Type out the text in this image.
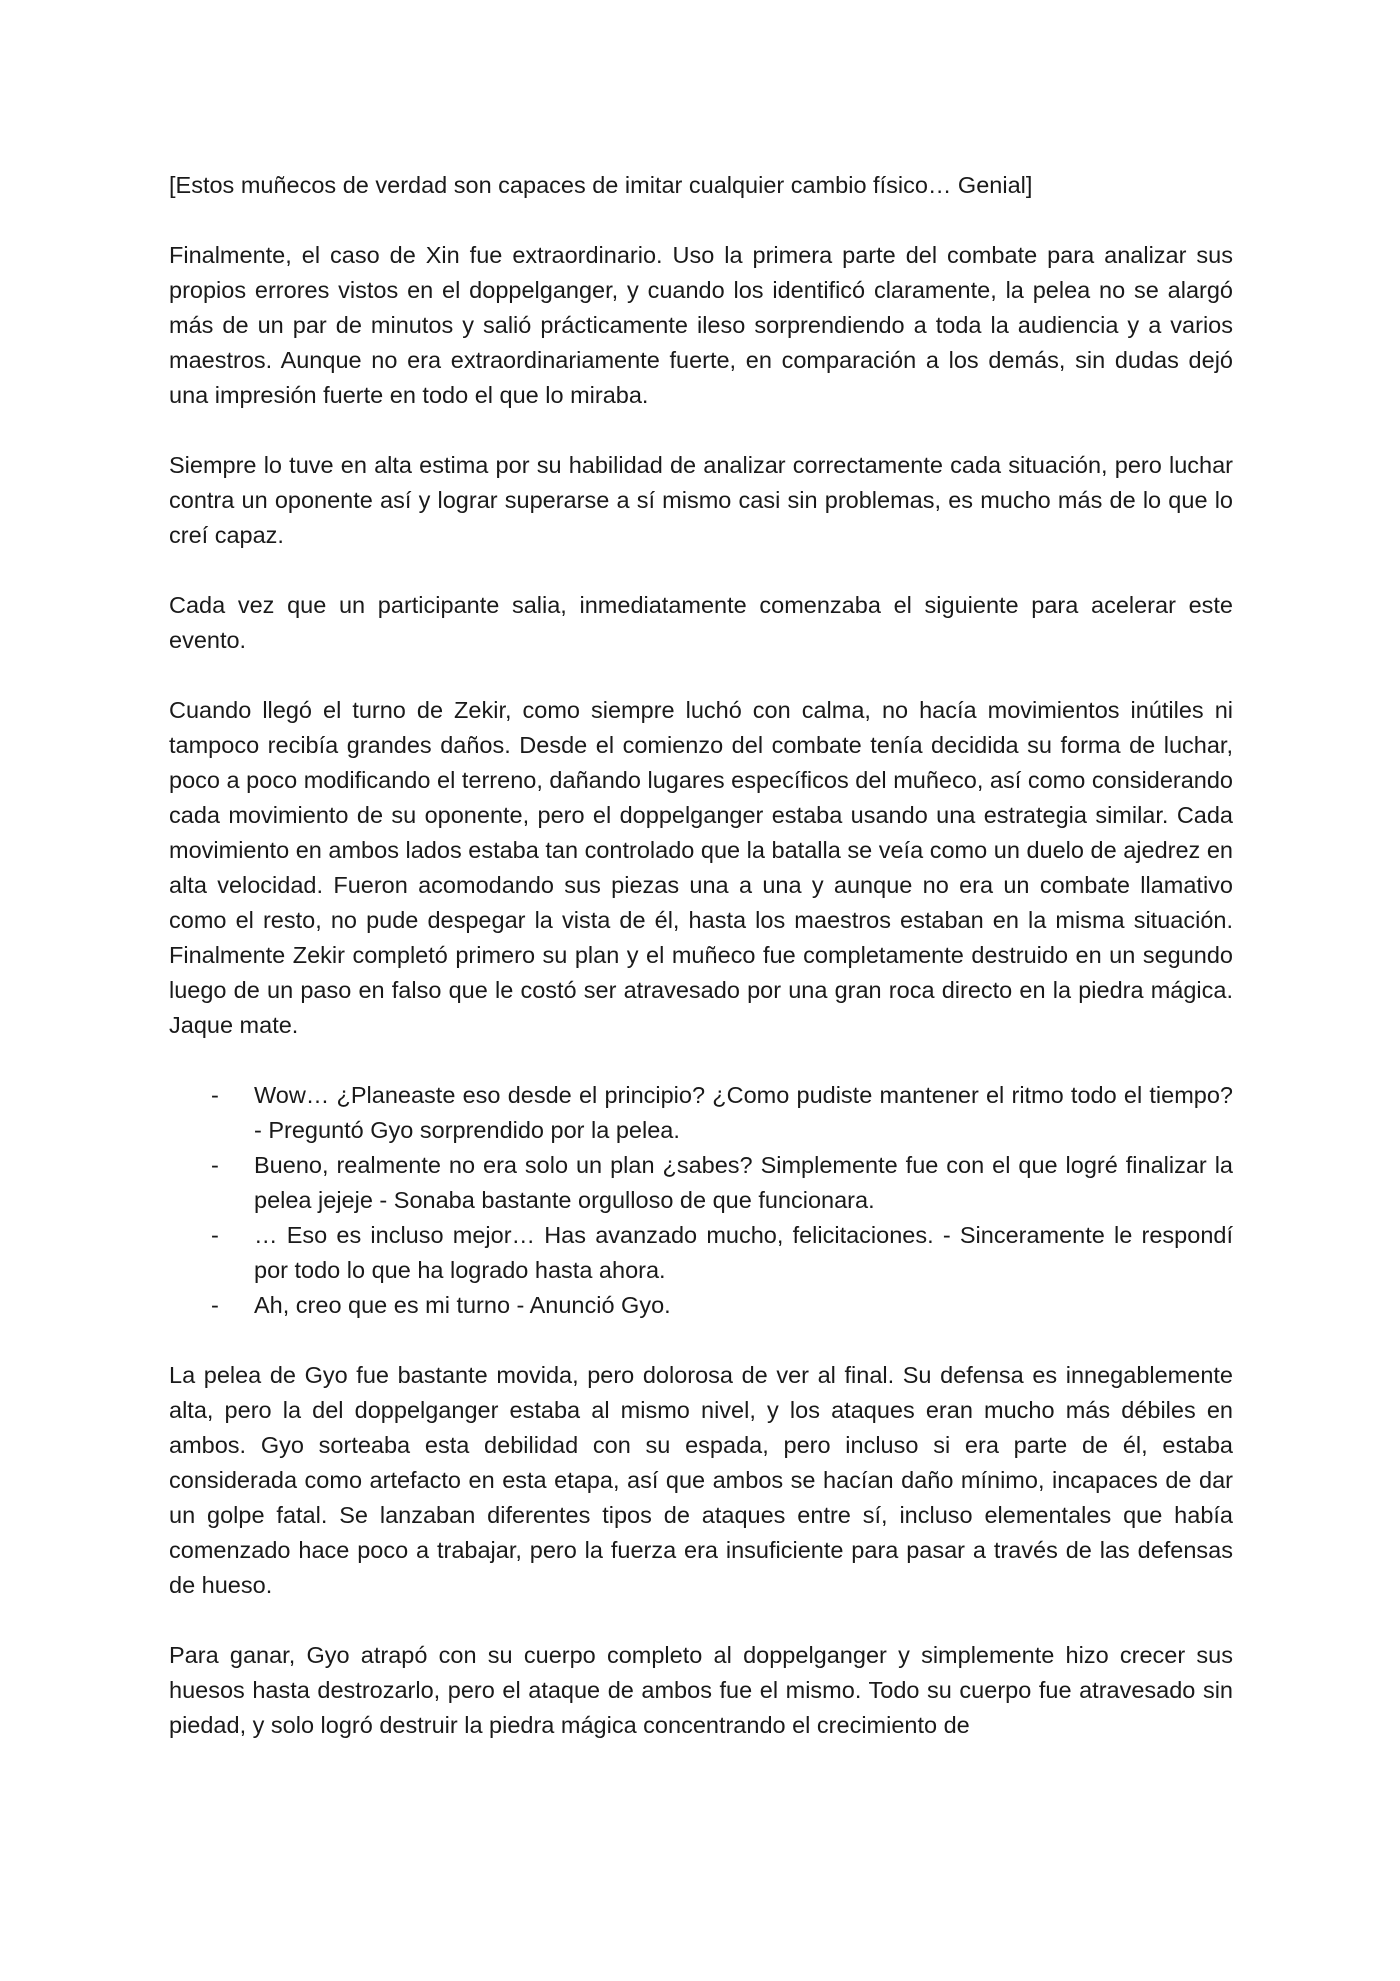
[Estos muñecos de verdad son capaces de imitar cualquier cambio físico… Genial]

Finalmente, el caso de Xin fue extraordinario. Uso la primera parte del combate para analizar sus propios errores vistos en el doppelganger, y cuando los identificó claramente, la pelea no se alargó más de un par de minutos y salió prácticamente ileso sorprendiendo a toda la audiencia y a varios maestros. Aunque no era extraordinariamente fuerte, en comparación a los demás, sin dudas dejó una impresión fuerte en todo el que lo miraba.

Siempre lo tuve en alta estima por su habilidad de analizar correctamente cada situación, pero luchar contra un oponente así y lograr superarse a sí mismo casi sin problemas, es mucho más de lo que lo creí capaz.

Cada vez que un participante salia, inmediatamente comenzaba el siguiente para acelerar este evento.

Cuando llegó el turno de Zekir, como siempre luchó con calma, no hacía movimientos inútiles ni tampoco recibía grandes daños. Desde el comienzo del combate tenía decidida su forma de luchar, poco a poco modificando el terreno, dañando lugares específicos del muñeco, así como considerando cada movimiento de su oponente, pero el doppelganger estaba usando una estrategia similar. Cada movimiento en ambos lados estaba tan controlado que la batalla se veía como un duelo de ajedrez en alta velocidad. Fueron acomodando sus piezas una a una y aunque no era un combate llamativo como el resto, no pude despegar la vista de él, hasta los maestros estaban en la misma situación. Finalmente Zekir completó primero su plan y el muñeco fue completamente destruido en un segundo luego de un paso en falso que le costó ser atravesado por una gran roca directo en la piedra mágica. Jaque mate.

- Wow… ¿Planeaste eso desde el principio? ¿Como pudiste mantener el ritmo todo el tiempo? - Preguntó Gyo sorprendido por la pelea.
- Bueno, realmente no era solo un plan ¿sabes? Simplemente fue con el que logré finalizar la pelea jejeje - Sonaba bastante orgulloso de que funcionara.
- … Eso es incluso mejor… Has avanzado mucho, felicitaciones. - Sinceramente le respondí por todo lo que ha logrado hasta ahora.
- Ah, creo que es mi turno - Anunció Gyo.

La pelea de Gyo fue bastante movida, pero dolorosa de ver al final. Su defensa es innegablemente alta, pero la del doppelganger estaba al mismo nivel, y los ataques eran mucho más débiles en ambos. Gyo sorteaba esta debilidad con su espada, pero incluso si era parte de él, estaba considerada como artefacto en esta etapa, así que ambos se hacían daño mínimo, incapaces de dar un golpe fatal. Se lanzaban diferentes tipos de ataques entre sí, incluso elementales que había comenzado hace poco a trabajar, pero la fuerza era insuficiente para pasar a través de las defensas de hueso.

Para ganar, Gyo atrapó con su cuerpo completo al doppelganger y simplemente hizo crecer sus huesos hasta destrozarlo, pero el ataque de ambos fue el mismo. Todo su cuerpo fue atravesado sin piedad, y solo logró destruir la piedra mágica concentrando el crecimiento de
